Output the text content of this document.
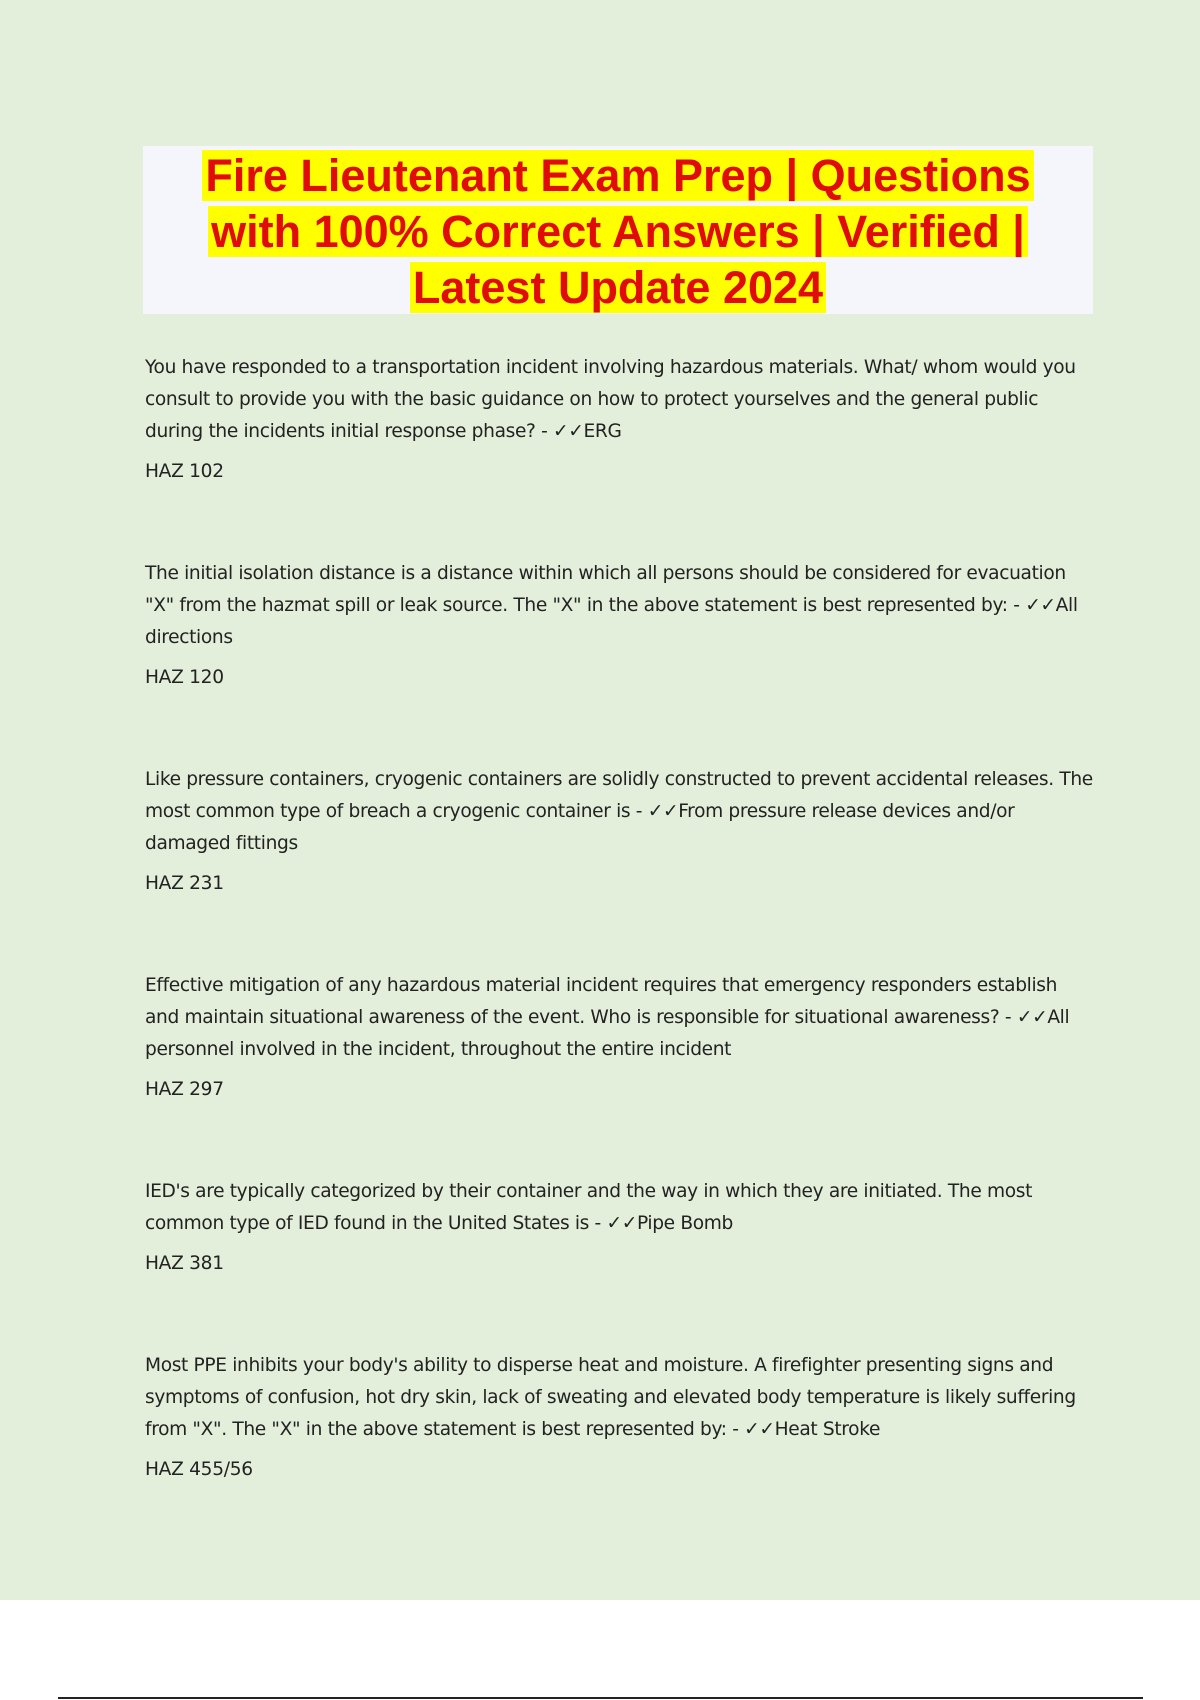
Fire Lieutenant Exam Prep | Questions
with 100% Correct Answers | Verified |
Latest Update 2024

You have responded to a transportation incident involving hazardous materials. What/ whom would you consult to provide you with the basic guidance on how to protect yourselves and the general public during the incidents initial response phase? - ✓✓ERG

HAZ 102

The initial isolation distance is a distance within which all persons should be considered for evacuation "X" from the hazmat spill or leak source. The "X" in the above statement is best represented by: - ✓✓All directions

HAZ 120

Like pressure containers, cryogenic containers are solidly constructed to prevent accidental releases. The most common type of breach a cryogenic container is - ✓✓From pressure release devices and/or damaged fittings

HAZ 231

Effective mitigation of any hazardous material incident requires that emergency responders establish and maintain situational awareness of the event. Who is responsible for situational awareness? - ✓✓All personnel involved in the incident, throughout the entire incident

HAZ 297

IED's are typically categorized by their container and the way in which they are initiated. The most common type of IED found in the United States is - ✓✓Pipe Bomb

HAZ 381

Most PPE inhibits your body's ability to disperse heat and moisture. A firefighter presenting signs and symptoms of confusion, hot dry skin, lack of sweating and elevated body temperature is likely suffering from "X". The "X" in the above statement is best represented by: - ✓✓Heat Stroke

HAZ 455/56
